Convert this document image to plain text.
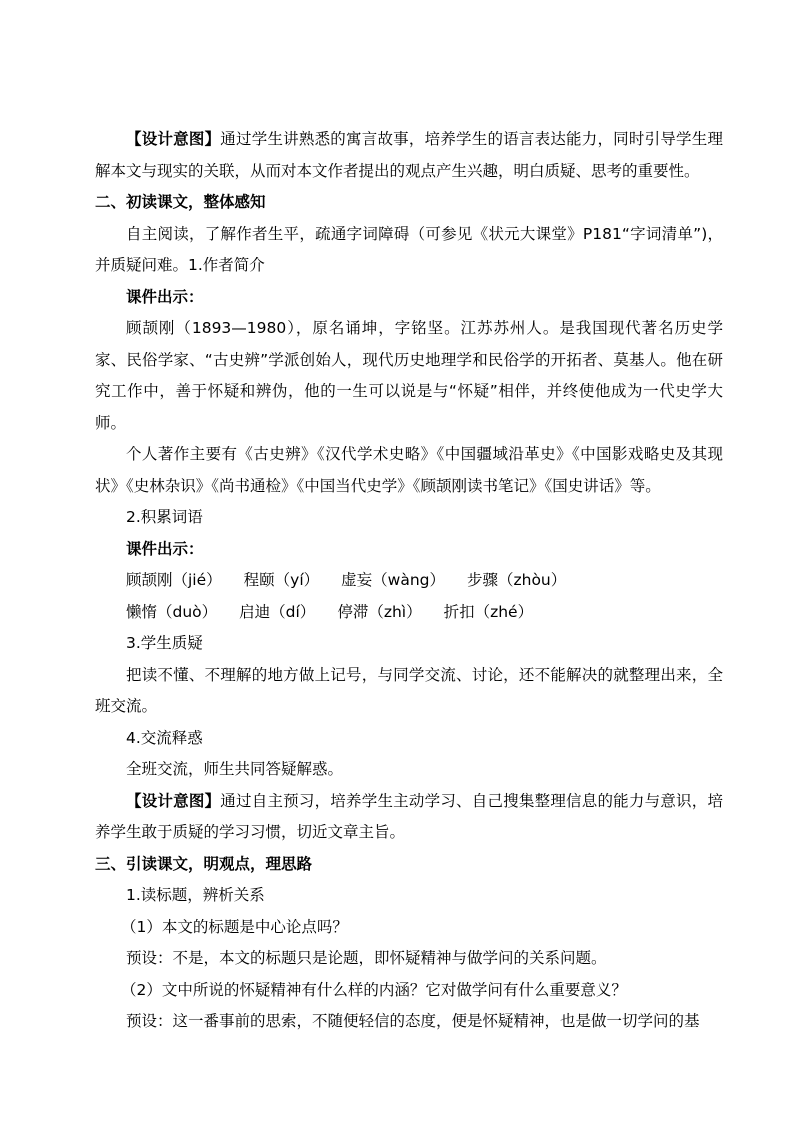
【设计意图】通过学生讲熟悉的寓言故事，培养学生的语言表达能力，同时引导学生理解本文与现实的关联，从而对本文作者提出的观点产生兴趣，明白质疑、思考的重要性。

二、初读课文，整体感知

自主阅读，了解作者生平，疏通字词障碍（可参见《状元大课堂》P181“字词清单”)，并质疑问难。1.作者简介

课件出示：

顾颉刚（1893—1980），原名诵坤，字铭坚。江苏苏州人。是我国现代著名历史学家、民俗学家、“古史辨”学派创始人，现代历史地理学和民俗学的开拓者、莫基人。他在研究工作中，善于怀疑和辨伪，他的一生可以说是与“怀疑”相伴，并终使他成为一代史学大师。

个人著作主要有《古史辨》《汉代学术史略》《中国疆域沿革史》《中国影戏略史及其现状》《史林杂识》《尚书通检》《中国当代史学》《顾颉刚读书笔记》《国史讲话》等。

2.积累词语

课件出示：

顾颉刚（jié） 程颐（yí） 虚妄（wàng） 步骤（zhòu）

懒惰（duò） 启迪（dí） 停滞（zhì） 折扣（zhé）

3.学生质疑

把读不懂、不理解的地方做上记号，与同学交流、讨论，还不能解决的就整理出来，全班交流。

4.交流释惑

全班交流，师生共同答疑解惑。

【设计意图】通过自主预习，培养学生主动学习、自己搜集整理信息的能力与意识，培养学生敢于质疑的学习习惯，切近文章主旨。

三、引读课文，明观点，理思路

1.读标题，辨析关系

（1）本文的标题是中心论点吗？

预设：不是，本文的标题只是论题，即怀疑精神与做学问的关系问题。

（2）文中所说的怀疑精神有什么样的内涵？它对做学问有什么重要意义？

预设：这一番事前的思索，不随便轻信的态度，便是怀疑精神，也是做一切学问的基
